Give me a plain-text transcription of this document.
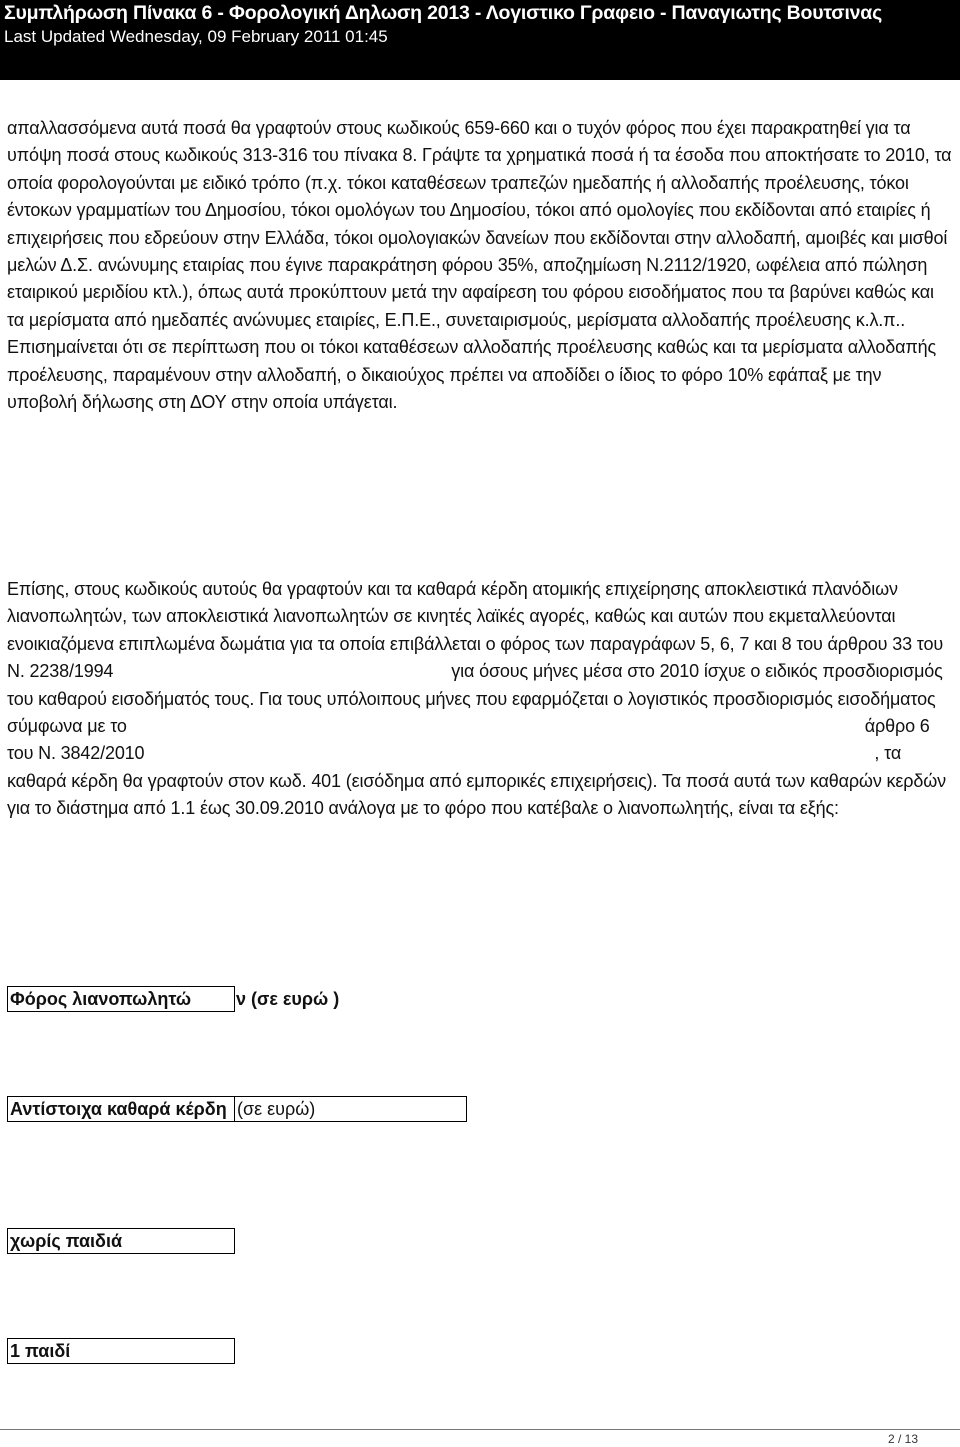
Συμπλήρωση Πίνακα 6 - Φορολογική Δηλωση 2013 - Λογιστικο Γραφειο - Παναγιωτης Βουτσινας
Last Updated Wednesday, 09 February 2011 01:45

απαλλασσόμενα αυτά ποσά θα γραφτούν στους κωδικούς 659-660 και ο τυχόν φόρος που έχει παρακρατηθεί για τα υπόψη ποσά στους κωδικούς 313-316 του πίνακα 8. Γράψτε τα χρηματικά ποσά ή τα έσοδα που αποκτήσατε το 2010, τα οποία φορολογούνται με ειδικό τρόπο (π.χ. τόκοι καταθέσεων τραπεζών ημεδαπής ή αλλοδαπής προέλευσης, τόκοι έντοκων γραμματίων του Δημοσίου, τόκοι ομολόγων του Δημοσίου, τόκοι από ομολογίες που εκδίδονται από εταιρίες ή επιχειρήσεις που εδρεύουν στην Ελλάδα, τόκοι ομολογιακών δανείων που εκδίδονται στην αλλοδαπή, αμοιβές και μισθοί μελών Δ.Σ. ανώνυμης εταιρίας που έγινε παρακράτηση φόρου 35%, αποζημίωση Ν.2112/1920, ωφέλεια από πώληση εταιρικού μεριδίου κτλ.), όπως αυτά προκύπτουν μετά την αφαίρεση του φόρου εισοδήματος που τα βαρύνει καθώς και τα μερίσματα από ημεδαπές ανώνυμες εταιρίες, Ε.Π.Ε., συνεταιρισμούς, μερίσματα αλλοδαπής προέλευσης κ.λ.π.. Επισημαίνεται ότι σε περίπτωση που οι τόκοι καταθέσεων αλλοδαπής προέλευσης καθώς και τα μερίσματα αλλοδαπής προέλευσης, παραμένουν στην αλλοδαπή, ο δικαιούχος πρέπει να αποδίδει ο ίδιος το φόρο 10% εφάπαξ με την υποβολή δήλωσης στη ΔΟΥ στην οποία υπάγεται.

Επίσης, στους κωδικούς αυτούς θα γραφτούν και τα καθαρά κέρδη ατομικής επιχείρησης αποκλειστικά πλανόδιων λιανοπωλητών, των αποκλειστικά λιανοπωλητών σε κινητές λαϊκές αγορές, καθώς και αυτών που εκμεταλλεύονται ενοικιαζόμενα επιπλωμένα δωμάτια για τα οποία επιβάλλεται ο φόρος των παραγράφων 5, 6, 7 και 8 του άρθρου 33 του Ν. 2238/1994	για όσους μήνες μέσα στο 2010 ίσχυε ο ειδικός προσδιορισμός του καθαρού εισοδήματός τους. Για τους υπόλοιπους μήνες που εφαρμόζεται ο λογιστικός προσδιορισμός εισοδήματος σύμφωνα με το	άρθρο 6 του Ν. 3842/2010	, τα καθαρά κέρδη θα γραφτούν στον κωδ. 401 (εισόδημα από εμπορικές επιχειρήσεις). Τα ποσά αυτά των καθαρών κερδών για το διάστημα από 1.1 έως 30.09.2010 ανάλογα με το φόρο που κατέβαλε ο λιανοπωλητής, είναι τα εξής:

Φόρος λιανοπωλητώ	ν (σε ευρώ )
Αντίστοιχα καθαρά κέρδη (σε ευρώ)
χωρίς παιδιά
1 παιδί
2 / 13
